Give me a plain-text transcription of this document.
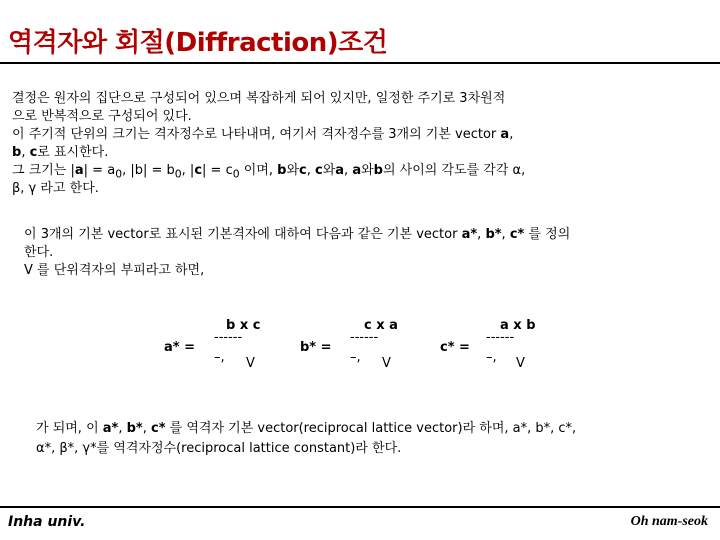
역격자와 회절(Diffraction)조건
결정은 원자의 집단으로 구성되어 있으며 복잡하게 되어 있지만, 일정한 주기로 3차원적
으로 반복적으로 구성되어 있다.
이 주기적 단위의 크기는 격자정수로 나타내며, 여기서 격자정수를 3개의 기본 vector a,
b, c로 표시한다.
그 크기는 $|a| = a_0$, $|b| = b_0$, $|c| = c_0$ 이며, b와c, c와a, a와b의 사이의 각도를 각각 α,
β, γ 라고 한다.
이 3개의 기본 vector로 표시된 기본격자에 대하여 다음과 같은 기본 vector a*, b*, c* 를 정의
한다.
V 를 단위격자의 부피라고 하면,
a* =
b x c
------
–, V
b* =
c x a
------
–, V
c* =
a x b
------
–, V
가 되며, 이 a*, b*, c* 를 역격자 기본 vector(reciprocal lattice vector)라 하며, a*, b*, c*,
α*, β*, γ*를 역격자정수(reciprocal lattice constant)라 한다.
Inha univ.	Oh nam-seok
